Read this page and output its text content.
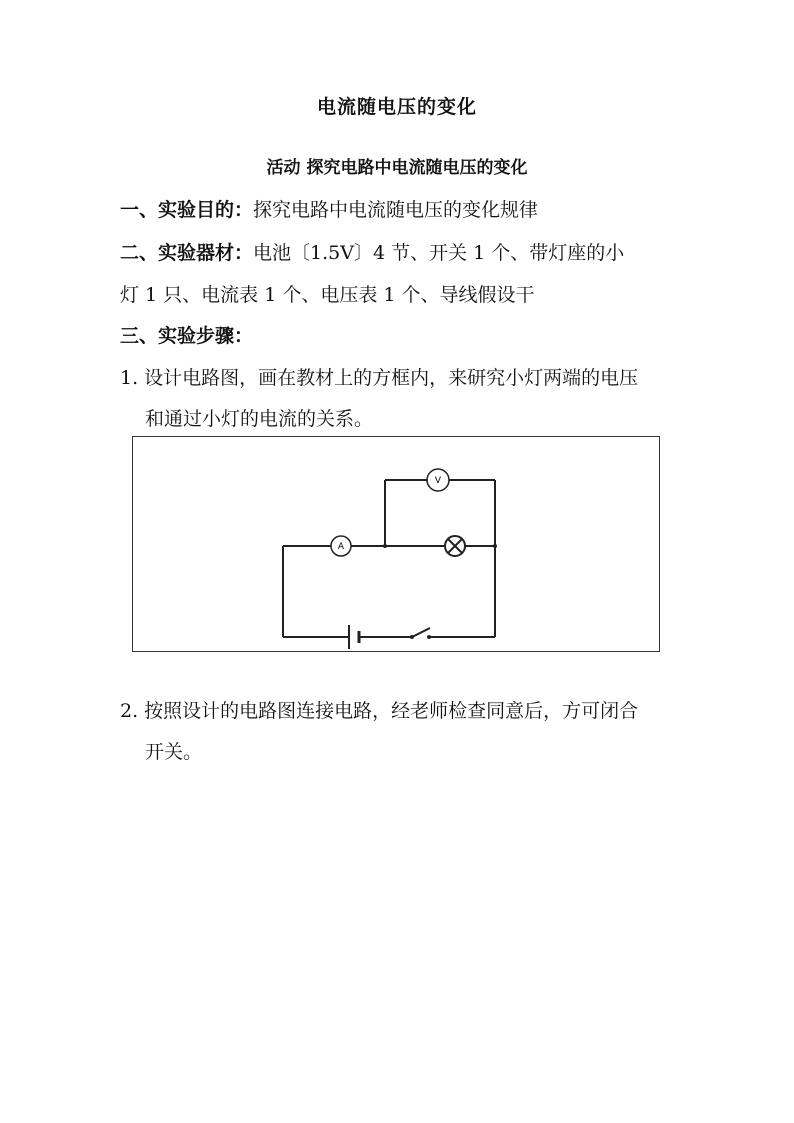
电流随电压的变化
活动 探究电路中电流随电压的变化
一、实验目的：探究电路中电流随电压的变化规律
二、实验器材：电池〔1.5V〕4 节、开关 1 个、带灯座的小
灯 1 只、电流表 1 个、电压表 1 个、导线假设干
三、实验步骤：
1. 设计电路图，画在教材上的方框内，来研究小灯两端的电压
和通过小灯的电流的关系。
A
V
2. 按照设计的电路图连接电路，经老师检查同意后，方可闭合
开关。
